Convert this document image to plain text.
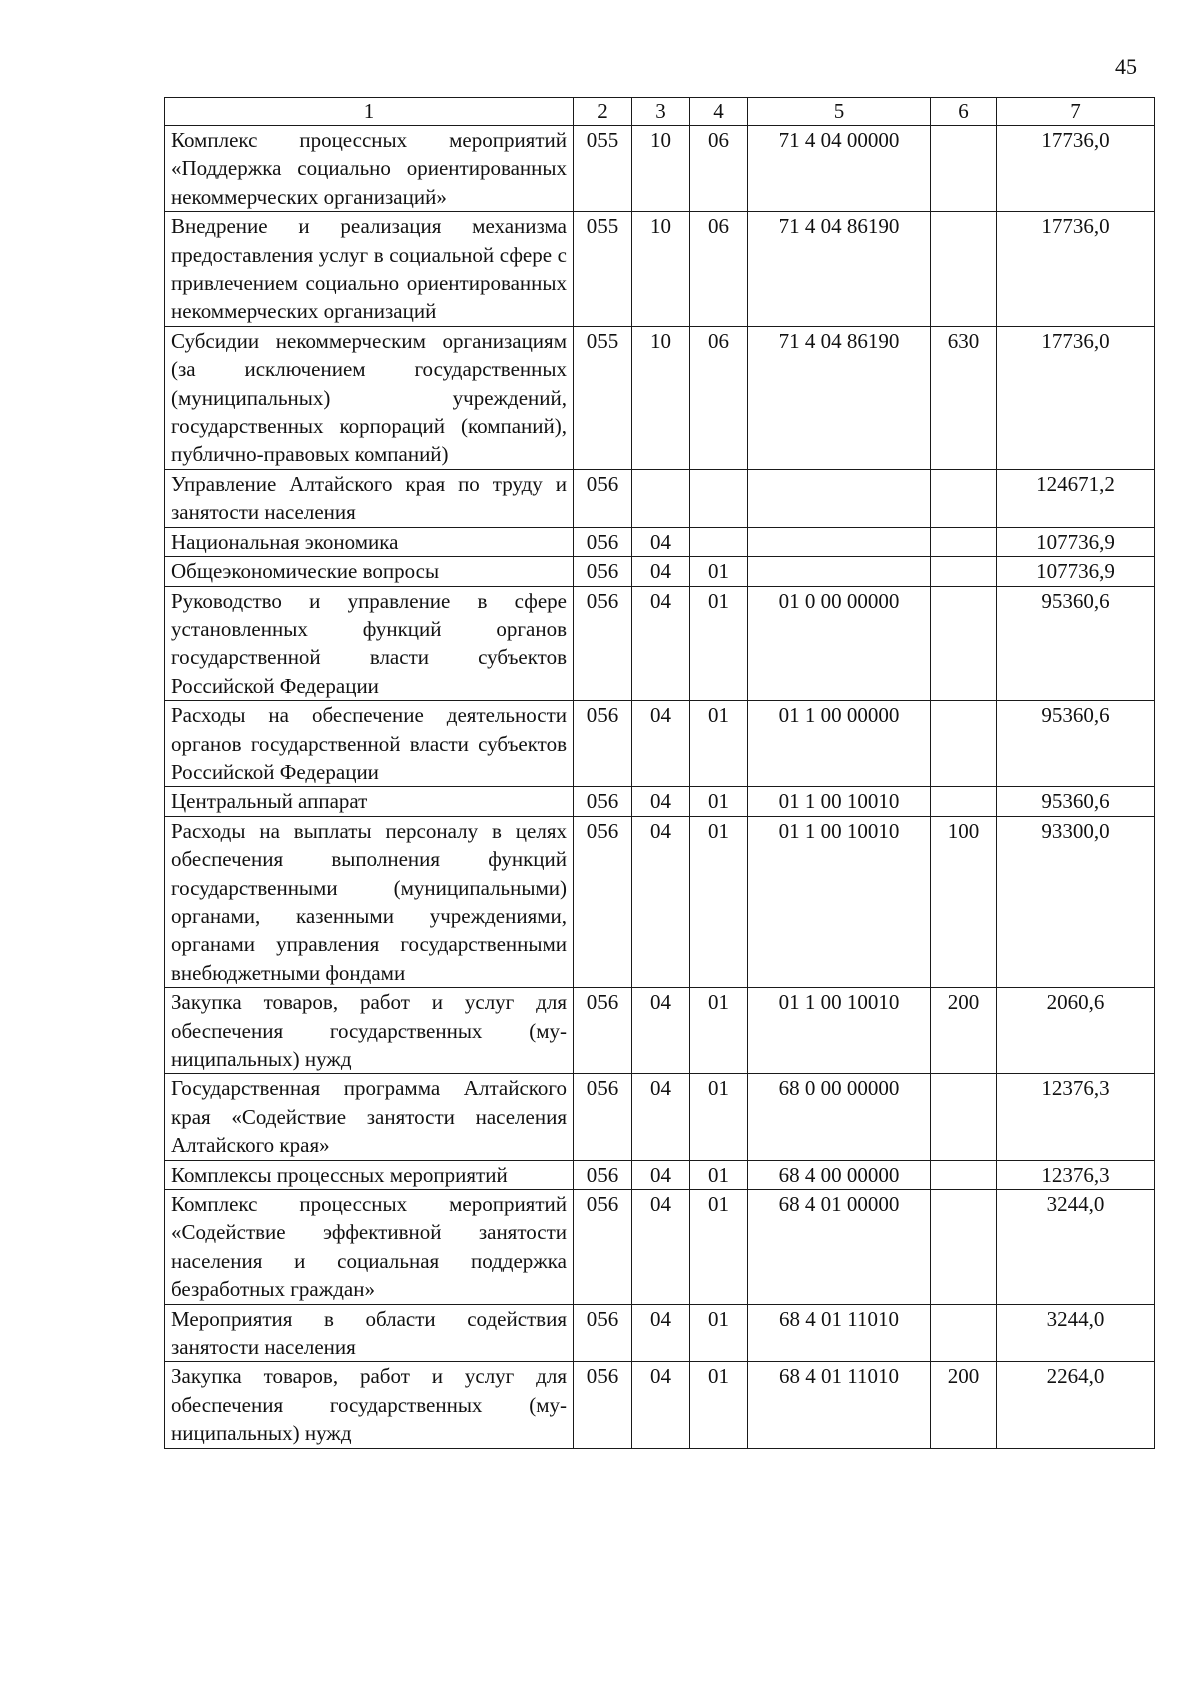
45
1	2	3	4	5	6	7
Комплекс процессных мероприятий «Поддержка социально ориентированных некоммерческих организаций»	055	10	06	71 4 04 00000		17736,0
Внедрение и реализация механизма предоставления услуг в социальной сфере с привлечением социально ориентированных некоммерческих организаций	055	10	06	71 4 04 86190		17736,0
Субсидии некоммерческим организациям (за исключением государственных (муниципальных) учреждений, государственных корпораций (компаний), публично-правовых компаний)	055	10	06	71 4 04 86190	630	17736,0
Управление Алтайского края по труду и занятости населения	056					124671,2
Национальная экономика	056	04				107736,9
Общеэкономические вопросы	056	04	01			107736,9
Руководство и управление в сфере установленных функций органов государственной власти субъектов Российской Федерации	056	04	01	01 0 00 00000		95360,6
Расходы на обеспечение деятельности органов государственной власти субъектов Российской Федерации	056	04	01	01 1 00 00000		95360,6
Центральный аппарат	056	04	01	01 1 00 10010		95360,6
Расходы на выплаты персоналу в целях обеспечения выполнения функций государственными (муниципальными) органами, казенными учреждениями, органами управления государственными внебюджетными фондами	056	04	01	01 1 00 10010	100	93300,0
Закупка товаров, работ и услуг для обеспечения государственных (муниципальных) нужд	056	04	01	01 1 00 10010	200	2060,6
Государственная программа Алтайского края «Содействие занятости населения Алтайского края»	056	04	01	68 0 00 00000		12376,3
Комплексы процессных мероприятий	056	04	01	68 4 00 00000		12376,3
Комплекс процессных мероприятий «Содействие эффективной занятости населения и социальная поддержка безработных граждан»	056	04	01	68 4 01 00000		3244,0
Мероприятия в области содействия занятости населения	056	04	01	68 4 01 11010		3244,0
Закупка товаров, работ и услуг для обеспечения государственных (муниципальных) нужд	056	04	01	68 4 01 11010	200	2264,0
